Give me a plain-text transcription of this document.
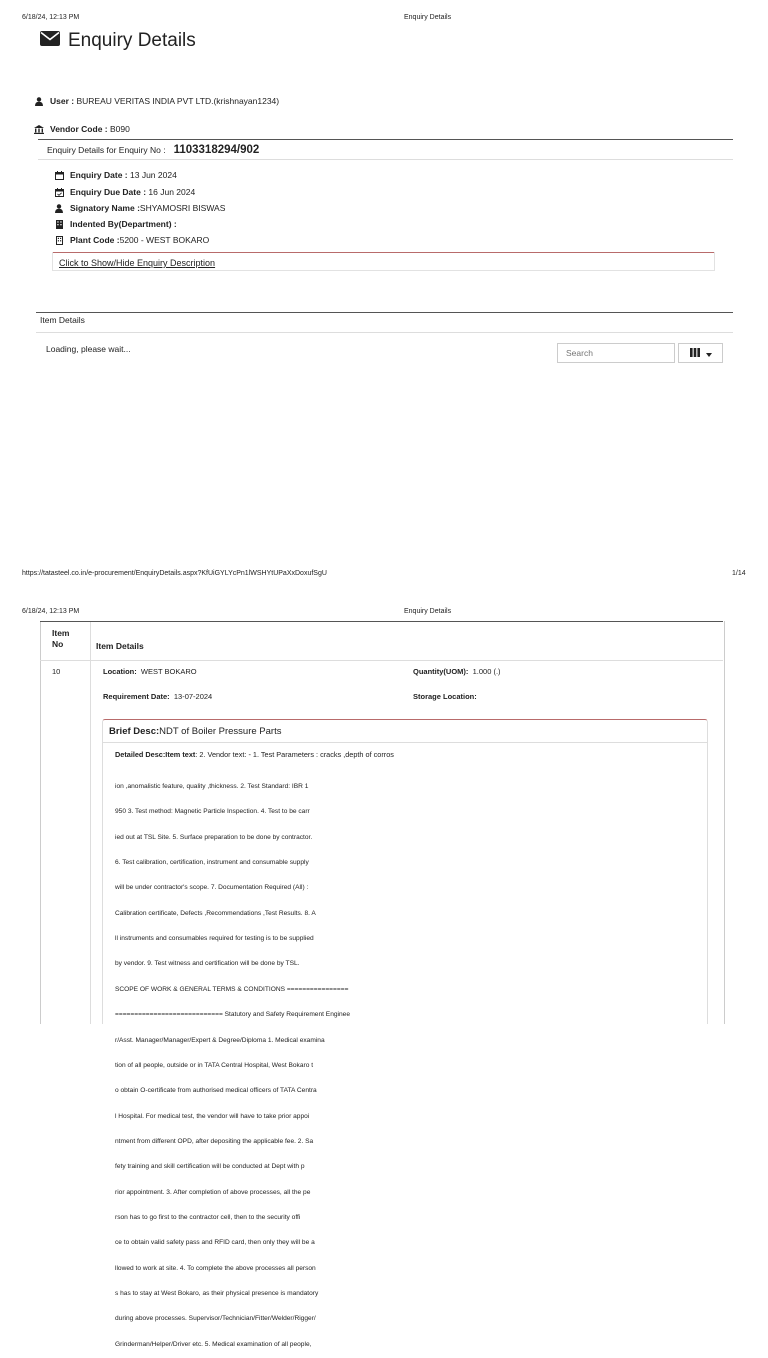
6/18/24, 12:13 PM	Enquiry Details
Enquiry Details
User :
BUREAU VERITAS INDIA PVT LTD.(krishnayan1234)
Vendor Code :
B090
Enquiry Details for Enquiry No : 1103318294/902
Enquiry Date :
13 Jun 2024
Enquiry Due Date :
16 Jun 2024
Signatory Name : SHYAMOSRI BISWAS
Indented By(Department) :

Plant Code : 5200 - WEST BOKARO
Click to Show/Hide Enquiry Description
Item Details
Loading, please wait...
Search
https://tatasteel.co.in/e-procurement/EnquiryDetails.aspx?KfUiGYLYcPn1lWSHYtUPaXxDoxufSgU	1/14
6/18/24, 12:13 PM	Enquiry Details
Item No	Item Details
10	Location: WEST BOKARO	Quantity(UOM): 1.000 (.)
Requirement Date: 13-07-2024	Storage Location:
Brief Desc:NDT of Boiler Pressure Parts
Detailed Desc:Item text: 2. Vendor text: - 1. Test Parameters : cracks ,depth of corros

ion ,anomalistic feature, quality ,thickness. 2. Test Standard: IBR 1

950 3. Test method: Magnetic Particle Inspection. 4. Test to be carr

ied out at TSL Site. 5. Surface preparation to be done by contractor.

6. Test calibration, certification, instrument and consumable supply

will be under contractor's scope. 7. Documentation Required (All) :

Calibration certificate, Defects ,Recommendations ,Test Results. 8. A

ll instruments and consumables required for testing is to be supplied

by vendor. 9. Test witness and certification will be done by TSL.

SCOPE OF WORK & GENERAL TERMS & CONDITIONS ================

============================ Statutory and Safety Requirement Enginee

r/Asst. Manager/Manager/Expert & Degree/Diploma 1. Medical examina

tion of all people, outside or in TATA Central Hospital, West Bokaro t

o obtain O-certificate from authorised medical officers of TATA Centra

l Hospital. For medical test, the vendor will have to take prior appoi

ntment from different OPD, after depositing the applicable fee. 2. Sa

fety training and skill certification will be conducted at Dept with p

rior appointment. 3. After completion of above processes, all the pe

rson has to go first to the contractor cell, then to the security offi

ce to obtain valid safety pass and RFID card, then only they will be a

llowed to work at site. 4. To complete the above processes all person

s has to stay at West Bokaro, as their physical presence is mandatory

during above processes. Supervisor/Technician/Fitter/Welder/Rigger/

Grinderman/Helper/Driver etc. 5. Medical examination of all people,
